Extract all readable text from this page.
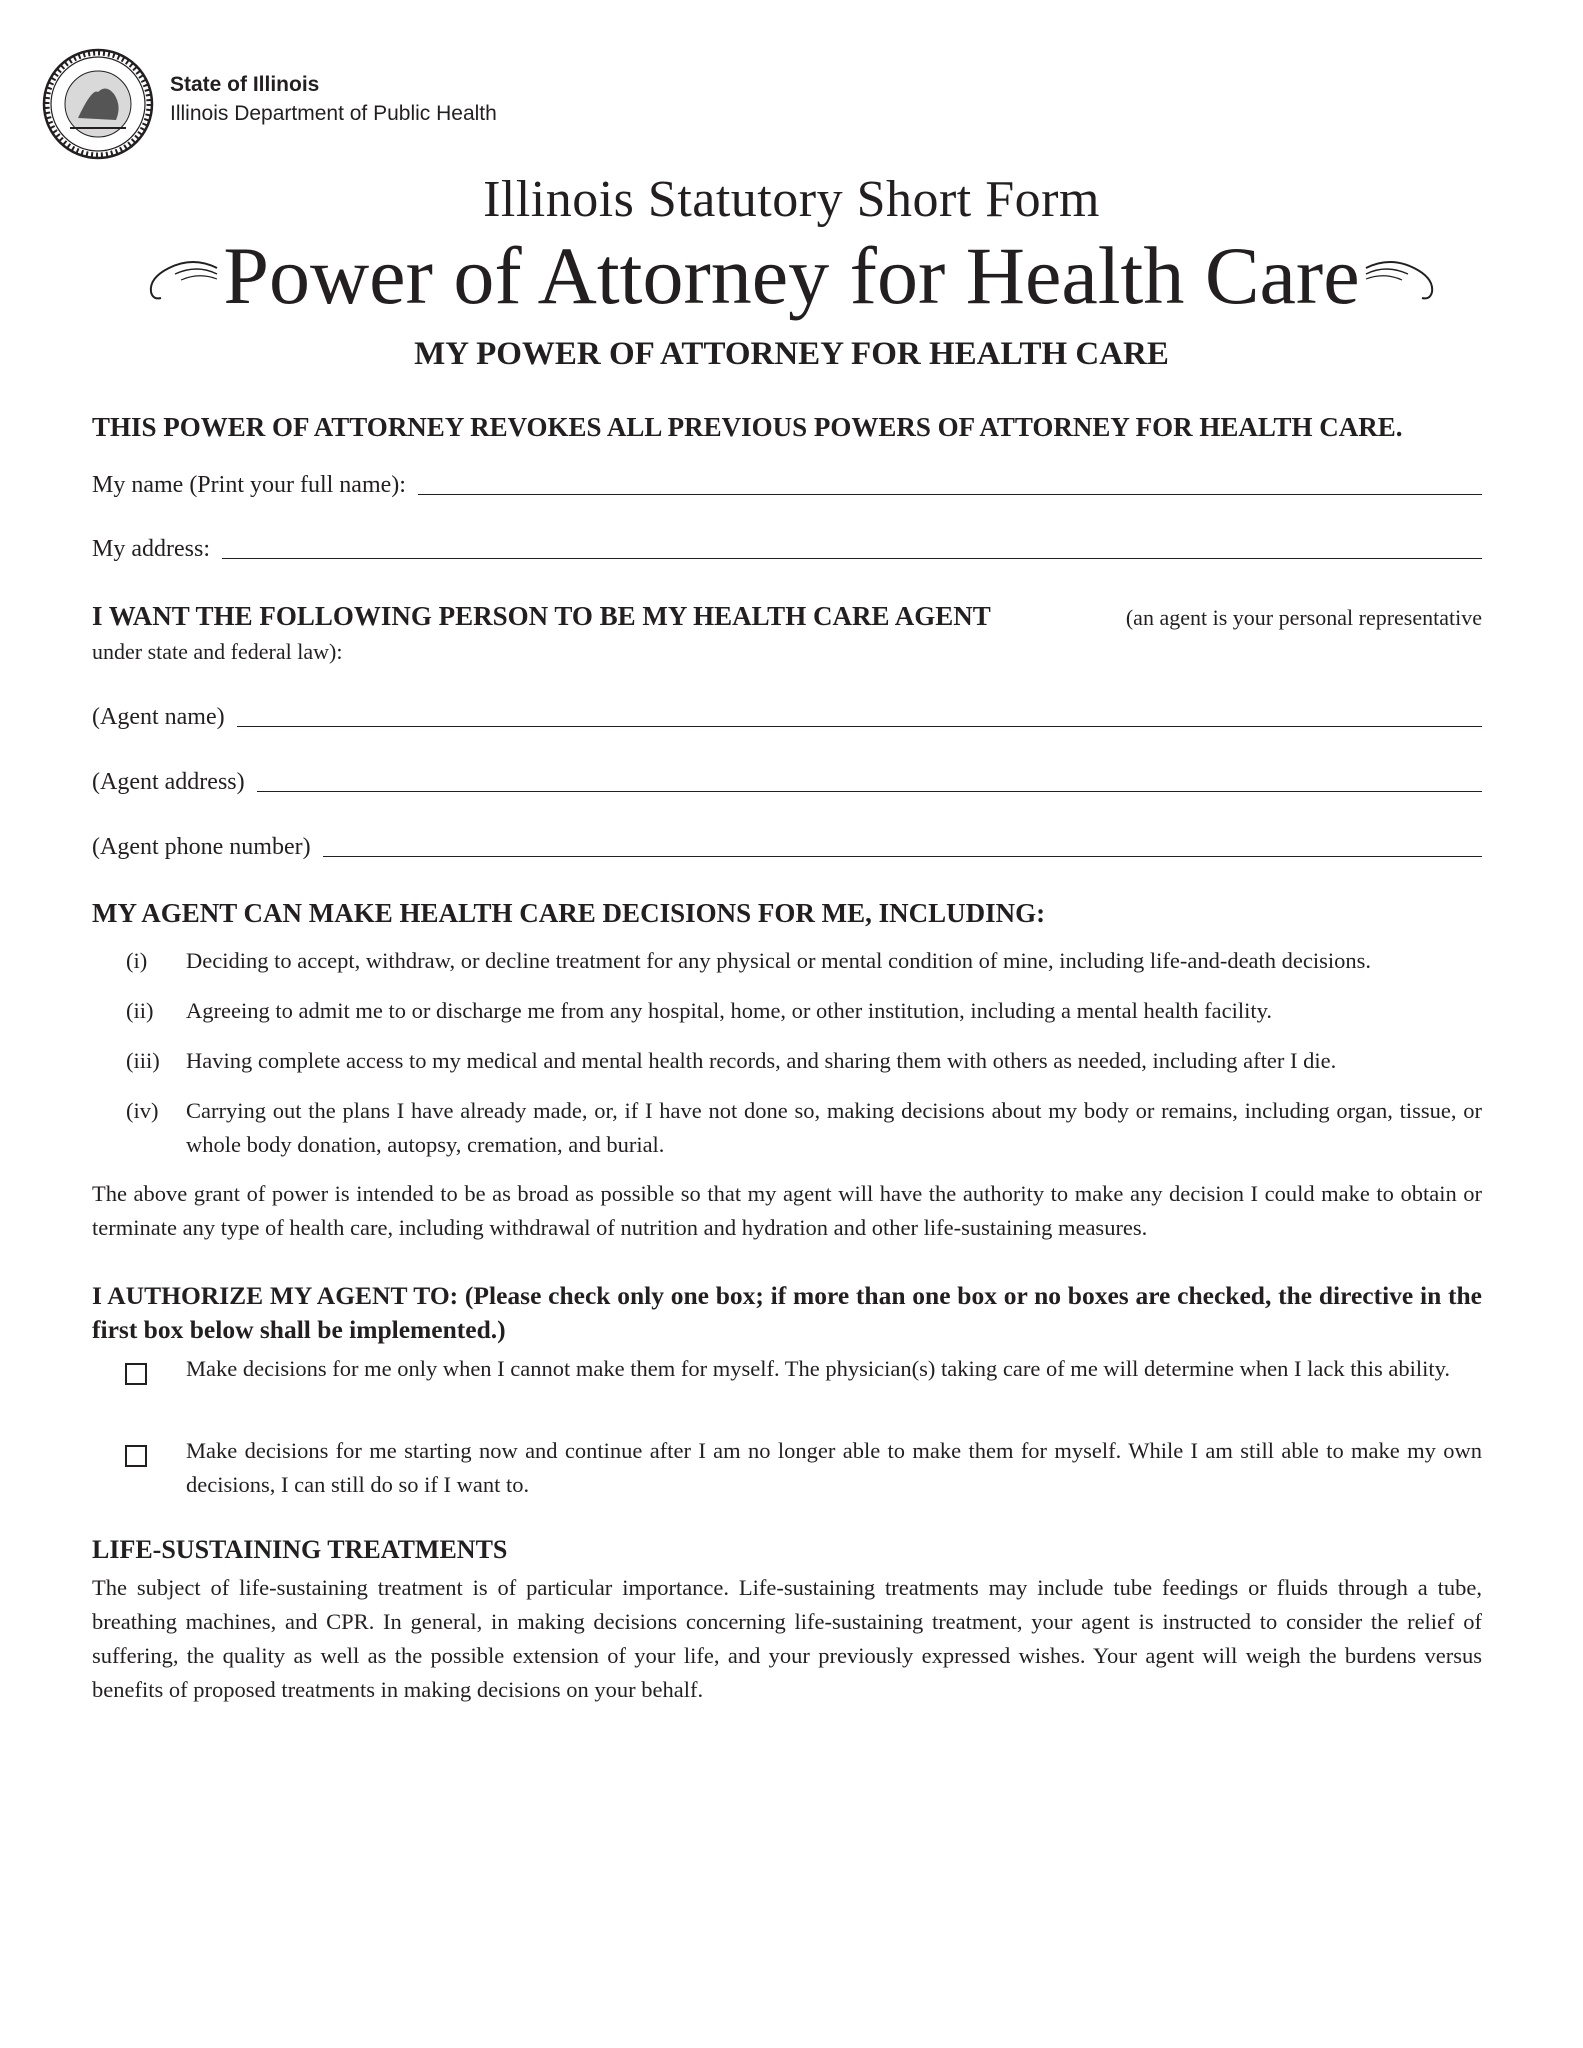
State of Illinois
Illinois Department of Public Health
Illinois Statutory Short Form
Power of Attorney for Health Care
MY POWER OF ATTORNEY FOR HEALTH CARE
THIS POWER OF ATTORNEY REVOKES ALL PREVIOUS POWERS OF ATTORNEY FOR HEALTH CARE.
My name (Print your full name):
My address:
I WANT THE FOLLOWING PERSON TO BE MY HEALTH CARE AGENT	(an agent is your personal representative
under state and federal law):
(Agent name)
(Agent address)
(Agent phone number)
MY AGENT CAN MAKE HEALTH CARE DECISIONS FOR ME, INCLUDING:
(i) Deciding to accept, withdraw, or decline treatment for any physical or mental condition of mine, including life-and-death decisions.
(ii) Agreeing to admit me to or discharge me from any hospital, home, or other institution, including a mental health facility.
(iii) Having complete access to my medical and mental health records, and sharing them with others as needed, including after I die.
(iv) Carrying out the plans I have already made, or, if I have not done so, making decisions about my body or remains, including organ, tissue, or whole body donation, autopsy, cremation, and burial.
The above grant of power is intended to be as broad as possible so that my agent will have the authority to make any decision I could make to obtain or terminate any type of health care, including withdrawal of nutrition and hydration and other life-sustaining measures.
I AUTHORIZE MY AGENT TO: (Please check only one box; if more than one box or no boxes are checked, the directive in the first box below shall be implemented.)
Make decisions for me only when I cannot make them for myself. The physician(s) taking care of me will determine when I lack this ability.
Make decisions for me starting now and continue after I am no longer able to make them for myself. While I am still able to make my own decisions, I can still do so if I want to.
LIFE-SUSTAINING TREATMENTS
The subject of life-sustaining treatment is of particular importance. Life-sustaining treatments may include tube feedings or fluids through a tube, breathing machines, and CPR. In general, in making decisions concerning life-sustaining treatment, your agent is instructed to consider the relief of suffering, the quality as well as the possible extension of your life, and your previously expressed wishes. Your agent will weigh the burdens versus benefits of proposed treatments in making decisions on your behalf.
